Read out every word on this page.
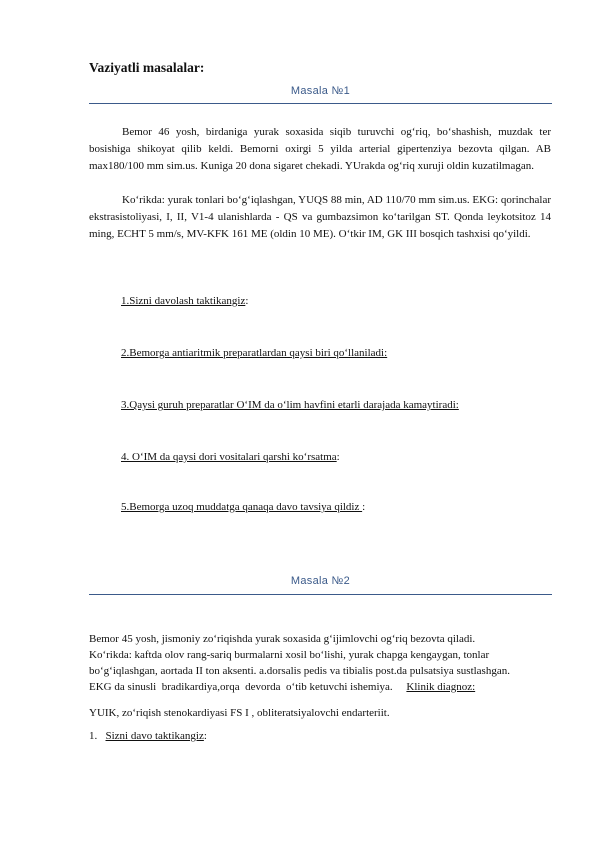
Vaziyatli masalalar:
Masala №1
Bemor 46 yosh, birdaniga yurak soxasida siqib turuvchi og‘riq, bo‘shashish, muzdak ter bosishiga shikoyat qilib keldi. Bemorni oxirgi 5 yilda arterial gipertenziya bezovta qilgan. AB max180/100 mm sim.us. Kuniga 20 dona sigaret chekadi. YUrakda og‘riq xuruji oldin kuzatilmagan.
Ko‘rikda: yurak tonlari bo‘g‘iqlashgan, YUQS 88 min, AD 110/70 mm sim.us. EKG: qorinchalar ekstrasistoliyasi, I, II, V1-4 ulanishlarda - QS va gumbazsimon ko‘tarilgan ST. Qonda leykotsitoz 14 ming, ECHT 5 mm/s, MV-KFK 161 ME (oldin 10 ME). O‘tkir IM, GK III bosqich tashxisi qo‘yildi.
1.Sizni davolash taktikangiz:
2.Bemorga antiaritmik preparatlardan qaysi biri qo‘llaniladi:
3.Qaysi guruh preparatlar O‘IM da o‘lim havfini etarli darajada kamaytiradi:
4. O‘IM da qaysi dori vositalari qarshi ko‘rsatma:
5.Bemorga uzoq muddatga qanaqa davo tavsiya qildiz :
Masala №2
Bemor 45 yosh, jismoniy zo‘riqishda yurak soxasida g‘ijimlovchi og‘riq bezovta qiladi.
Ko‘rikda: kaftda olov rang-sariq burmalarni xosil bo‘lishi, yurak chapga kengaygan, tonlar
bo‘g‘iqlashgan, aortada II ton aksenti. a.dorsalis pedis va tibialis post.da pulsatsiya sustlashgan.
EKG da sinusli  bradikardiya,orqa  devorda  o‘tib ketuvchi ishemiya.     Klinik diagnoz:
YUIK, zo‘riqish stenokardiyasi FS I , obliteratsiyalovchi endarteriit.
1.   Sizni davo taktikangiz:
